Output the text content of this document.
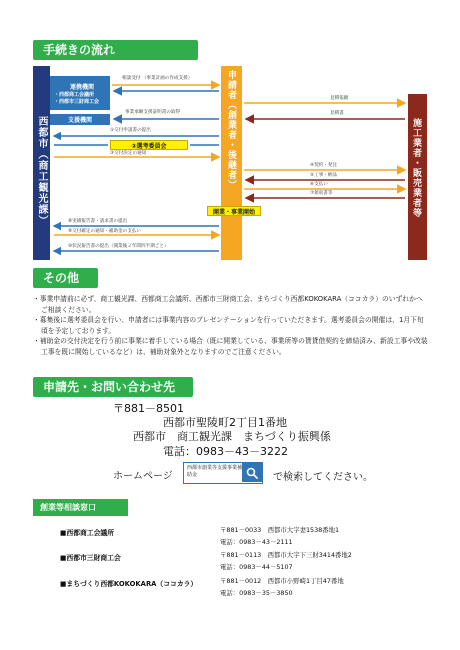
手続きの流れ
西都市（商工観光課）
連携機関
・西都商工会議所
・西都市三財商工会
支援機関	申請者（創業者・後継者）	施工業者・販売業者等
②選考委員会
開業・事業開始
相談受付 （事業計画の作成支援）
事業承継支援証明書の取得
①交付申請書の提出
③交付決定の通知
見積依頼
見積書
④契約・発注
⑤工事・納品
⑥支払い
⑦領収書等
⑧実績報告書・請求書の提出
⑨交付確定の通知・補助金の支払い
⑩状況報告書の提出（開業後２年間四半期ごと）
その他
・事業申請前に必ず、商工観光課、西都商工会議所、西都市三財商工会、まちづくり西都KOKOKARA（ココカラ）のいずれかへご相談ください。
・募集後に選考委員会を行い、申請者には事業内容のプレゼンテーションを行っていただきます。選考委員会の開催は、1月下旬頃を予定しております。
・補助金の交付決定を行う前に事業に着手している場合（既に開業している、事業所等の賃貸借契約を締結済み、新設工事や改装工事を既に開始しているなど）は、補助対象外となりますのでご注意ください。
申請先・お問い合わせ先
〒881－8501
西都市聖陵町2丁目1番地
西都市　商工観光課　まちづくり振興係
電話：0983－43－3222
ホームページ
西都市創業等支援事業補助金	で検索してください。
創業等相談窓口
■西都商工会議所	〒881－0033　西都市大字妻1538番地1
電話：0983－43－2111
■西都市三財商工会	〒881－0113　西都市大字下三財3414番地2
電話：0983－44－5107
■まちづくり西都KOKOKARA（ココカラ）	〒881－0012　西都市小野崎1丁目47番地
電話：0983－35－3850
